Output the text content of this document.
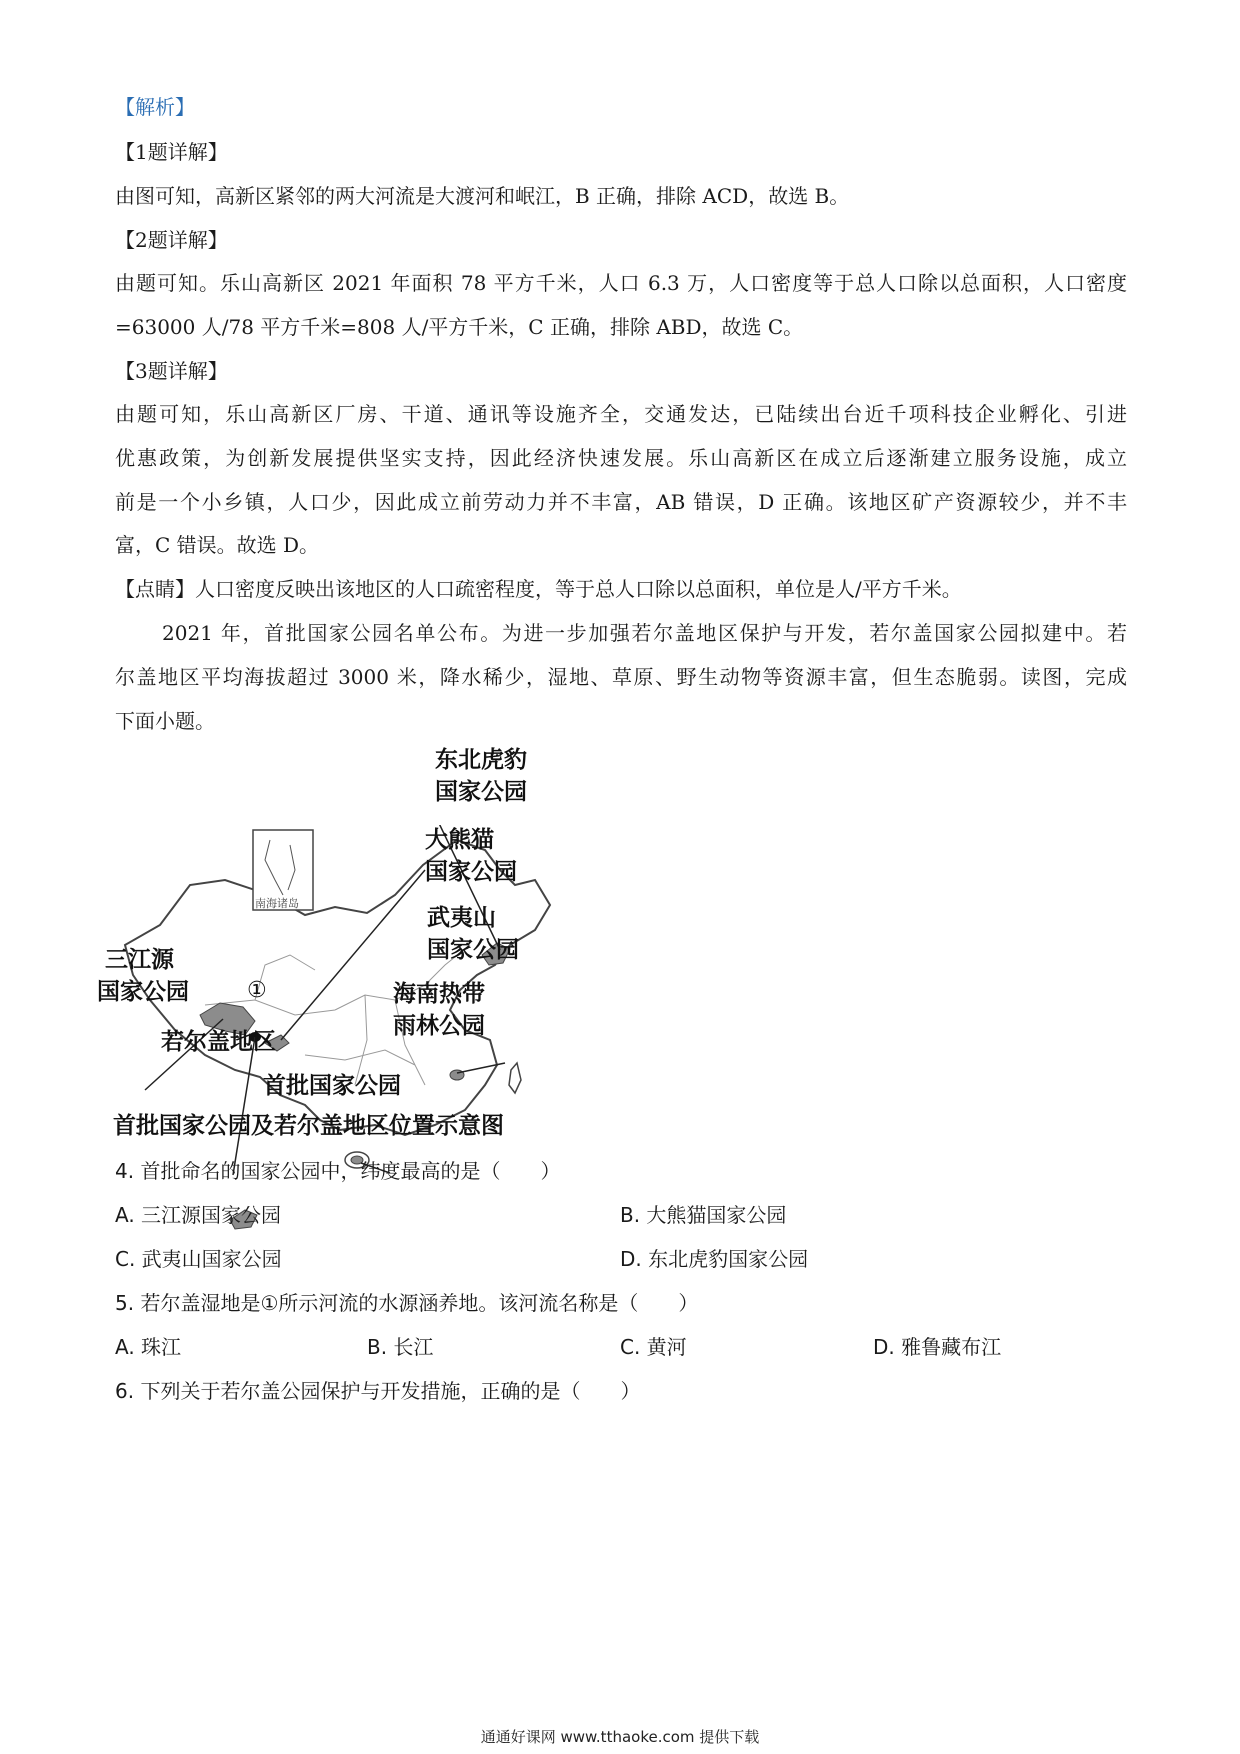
【解析】
【1题详解】
由图可知，高新区紧邻的两大河流是大渡河和岷江，B 正确，排除 ACD，故选 B。
【2题详解】
由题可知。乐山高新区 2021 年面积 78 平方千米，人口 6.3 万，人口密度等于总人口除以总面积，人口密度
=63000 人/78 平方千米=808 人/平方千米，C 正确，排除 ABD，故选 C。
【3题详解】
由题可知，乐山高新区厂房、干道、通讯等设施齐全，交通发达，已陆续出台近千项科技企业孵化、引进
优惠政策，为创新发展提供坚实支持，因此经济快速发展。乐山高新区在成立后逐渐建立服务设施，成立
前是一个小乡镇，人口少，因此成立前劳动力并不丰富，AB 错误，D 正确。该地区矿产资源较少，并不丰
富，C 错误。故选 D。
【点睛】人口密度反映出该地区的人口疏密程度，等于总人口除以总面积，单位是人/平方千米。
2021 年，首批国家公园名单公布。为进一步加强若尔盖地区保护与开发，若尔盖国家公园拟建中。若
尔盖地区平均海拔超过 3000 米，降水稀少，湿地、草原、野生动物等资源丰富，但生态脆弱。读图，完成
下面小题。
南海诸岛
①
东北虎豹
国家公园
大熊猫
国家公园
武夷山
国家公园
三江源
国家公园	海南热带
雨林公园
若尔盖地区
首批国家公园
首批国家公园及若尔盖地区位置示意图
4. 首批命名的国家公园中，纬度最高的是（　　）
A. 三江源国家公园	B. 大熊猫国家公园
C. 武夷山国家公园	D. 东北虎豹国家公园
5. 若尔盖湿地是①所示河流的水源涵养地。该河流名称是（　　）
A. 珠江	B. 长江	C. 黄河	D. 雅鲁藏布江
6. 下列关于若尔盖公园保护与开发措施，正确的是（　　）
通通好课网 www.tthaoke.com 提供下载
